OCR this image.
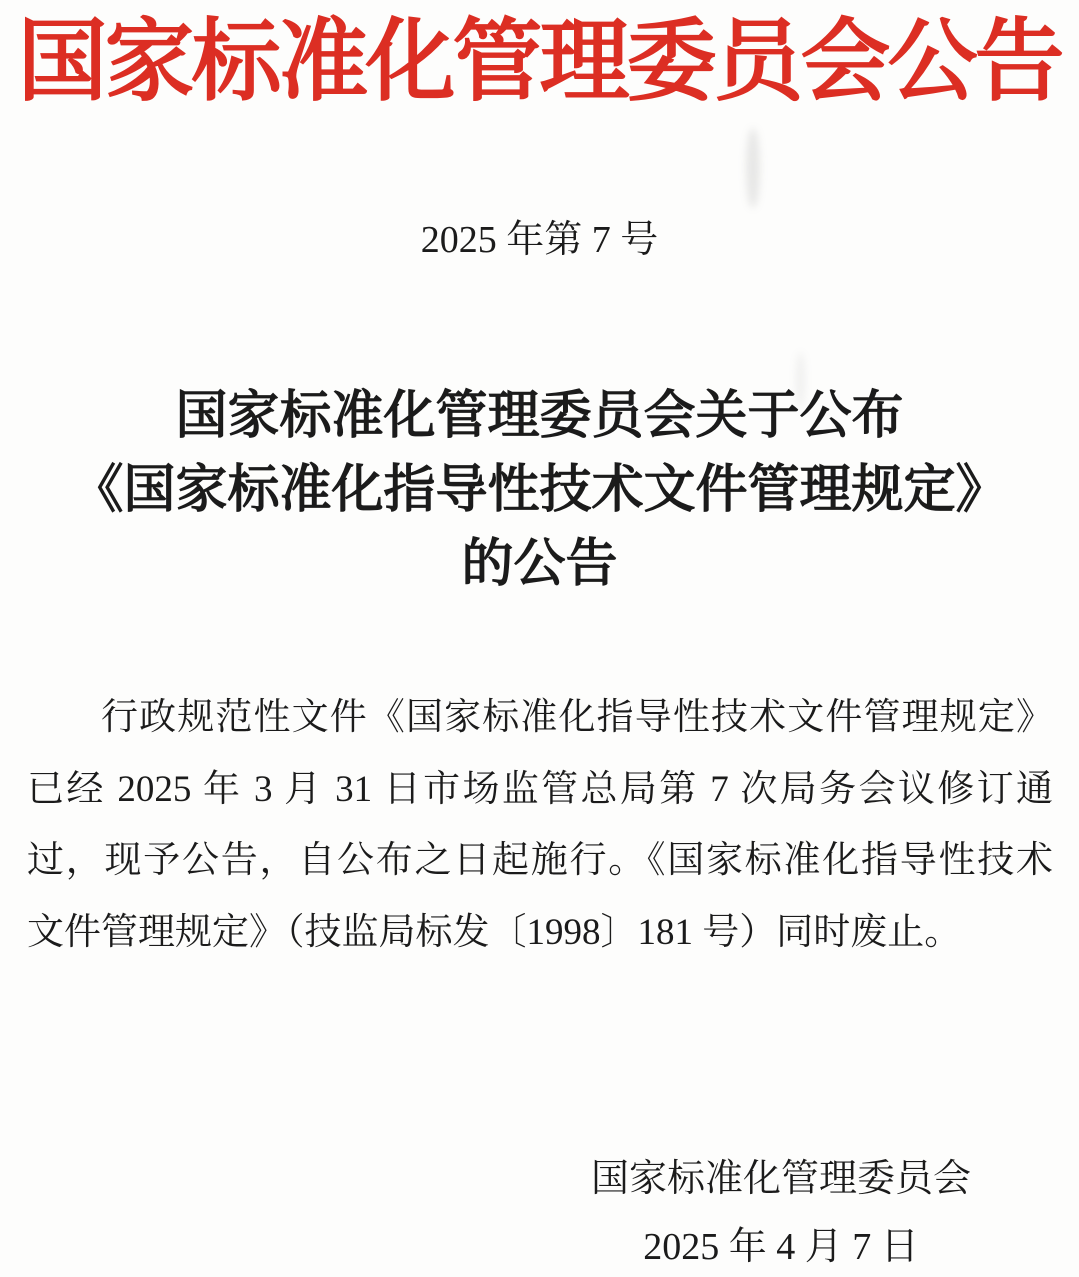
国家标准化管理委员会公告
2025 年第 7 号
国家标准化管理委员会关于公布
《国家标准化指导性技术文件管理规定》
的公告
行政规范性文件《国家标准化指导性技术文件管理规定》
已经 2025 年 3 月 31 日市场监管总局第 7 次局务会议修订通
过，现予公告，自公布之日起施行。《国家标准化指导性技术
文件管理规定》（技监局标发〔1998〕181 号）同时废止。
国家标准化管理委员会
2025 年 4 月 7 日
